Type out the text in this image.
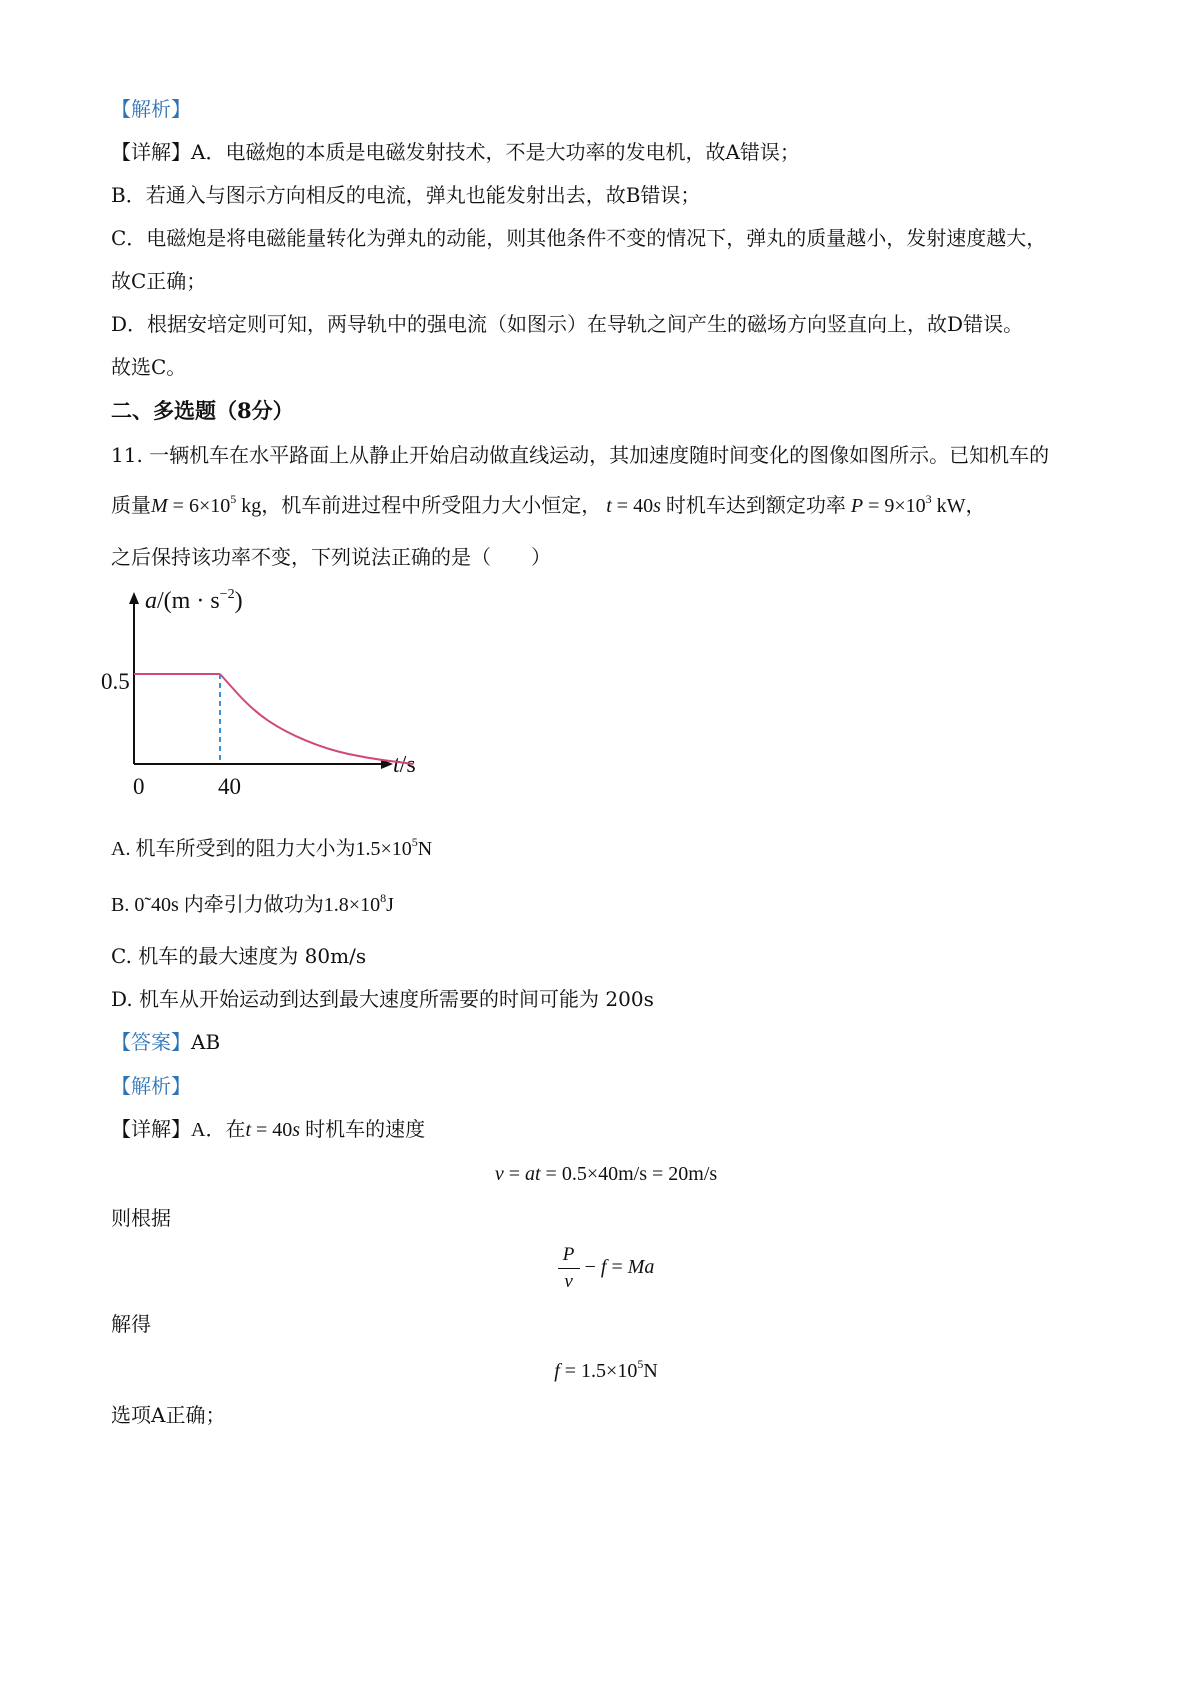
【解析】
【详解】A．电磁炮的本质是电磁发射技术，不是大功率的发电机，故A错误；
B．若通入与图示方向相反的电流，弹丸也能发射出去，故B错误；
C．电磁炮是将电磁能量转化为弹丸的动能，则其他条件不变的情况下，弹丸的质量越小，发射速度越大，
故C正确；
D．根据安培定则可知，两导轨中的强电流（如图示）在导轨之间产生的磁场方向竖直向上，故D错误。
故选C。
二、多选题（8分）
11. 一辆机车在水平路面上从静止开始启动做直线运动，其加速度随时间变化的图像如图所示。已知机车的
质量$M = 6\times 10^5$ kg，机车前进过程中所受阻力大小恒定， t = 40s 时机车达到额定功率 $P = 9\times 10^3$ kW，
之后保持该功率不变，下列说法正确的是（　　）
$a/(m \cdot s^{-2})$
t/s
0.5
0	40
A. 机车所受到的阻力大小为$1.5\times 10^5N$
B. 0˜40s 内牵引力做功为$1.8\times 10^8J$
C. 机车的最大速度为 80m/s
D. 机车从开始运动到达到最大速度所需要的时间可能为 200s
【答案】AB
【解析】
【详解】A．在t = 40s 时机车的速度
v = at = 0.5×40m/s = 20m/s
则根据
$\frac{P}{v} - f = Ma$
解得
$f = 1.5\times 10^5N$
选项A正确；
